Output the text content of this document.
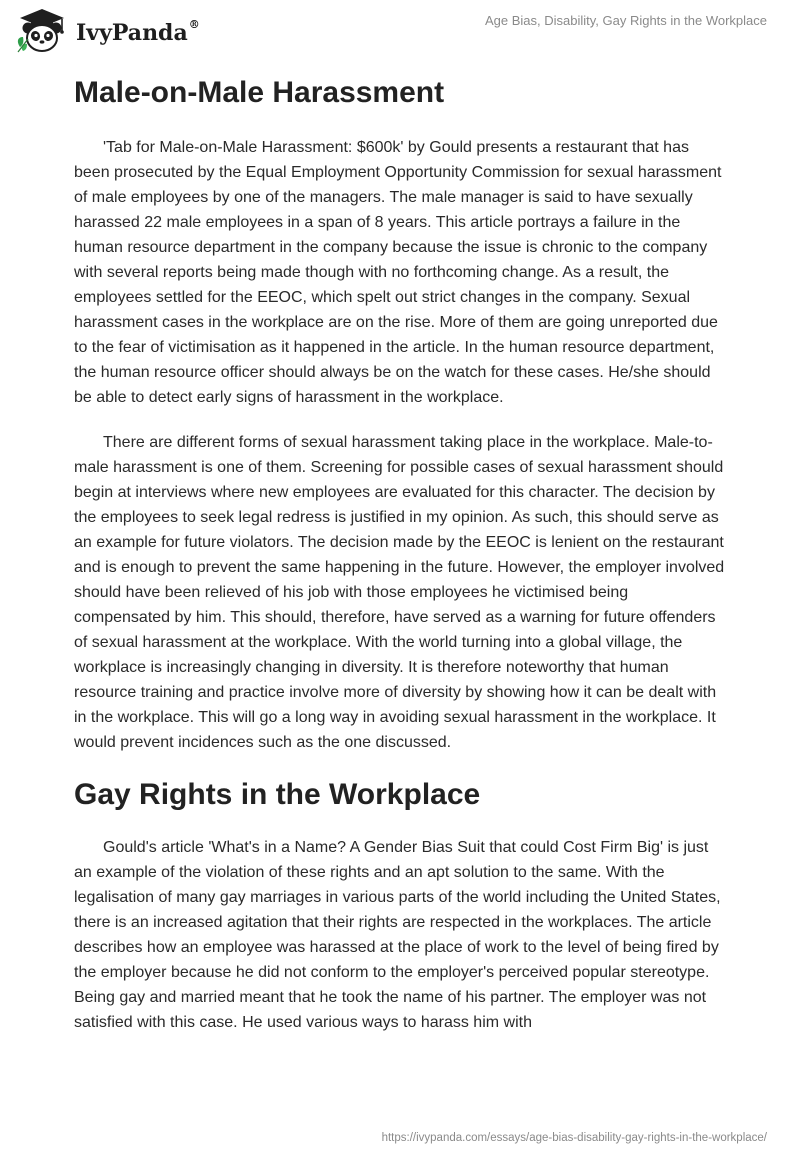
IvyPanda®	Age Bias, Disability, Gay Rights in the Workplace
Male-on-Male Harassment

'Tab for Male-on-Male Harassment: $600k' by Gould presents a restaurant that has been prosecuted by the Equal Employment Opportunity Commission for sexual harassment of male employees by one of the managers. The male manager is said to have sexually harassed 22 male employees in a span of 8 years. This article portrays a failure in the human resource department in the company because the issue is chronic to the company with several reports being made though with no forthcoming change. As a result, the employees settled for the EEOC, which spelt out strict changes in the company. Sexual harassment cases in the workplace are on the rise. More of them are going unreported due to the fear of victimisation as it happened in the article. In the human resource department, the human resource officer should always be on the watch for these cases. He/she should be able to detect early signs of harassment in the workplace.

There are different forms of sexual harassment taking place in the workplace. Male-to-male harassment is one of them. Screening for possible cases of sexual harassment should begin at interviews where new employees are evaluated for this character. The decision by the employees to seek legal redress is justified in my opinion. As such, this should serve as an example for future violators. The decision made by the EEOC is lenient on the restaurant and is enough to prevent the same happening in the future. However, the employer involved should have been relieved of his job with those employees he victimised being compensated by him. This should, therefore, have served as a warning for future offenders of sexual harassment at the workplace. With the world turning into a global village, the workplace is increasingly changing in diversity. It is therefore noteworthy that human resource training and practice involve more of diversity by showing how it can be dealt with in the workplace. This will go a long way in avoiding sexual harassment in the workplace. It would prevent incidences such as the one discussed.

Gay Rights in the Workplace

Gould's article 'What's in a Name? A Gender Bias Suit that could Cost Firm Big' is just an example of the violation of these rights and an apt solution to the same. With the legalisation of many gay marriages in various parts of the world including the United States, there is an increased agitation that their rights are respected in the workplaces. The article describes how an employee was harassed at the place of work to the level of being fired by the employer because he did not conform to the employer's perceived popular stereotype. Being gay and married meant that he took the name of his partner. The employer was not satisfied with this case. He used various ways to harass him with

https://ivypanda.com/essays/age-bias-disability-gay-rights-in-the-workplace/
